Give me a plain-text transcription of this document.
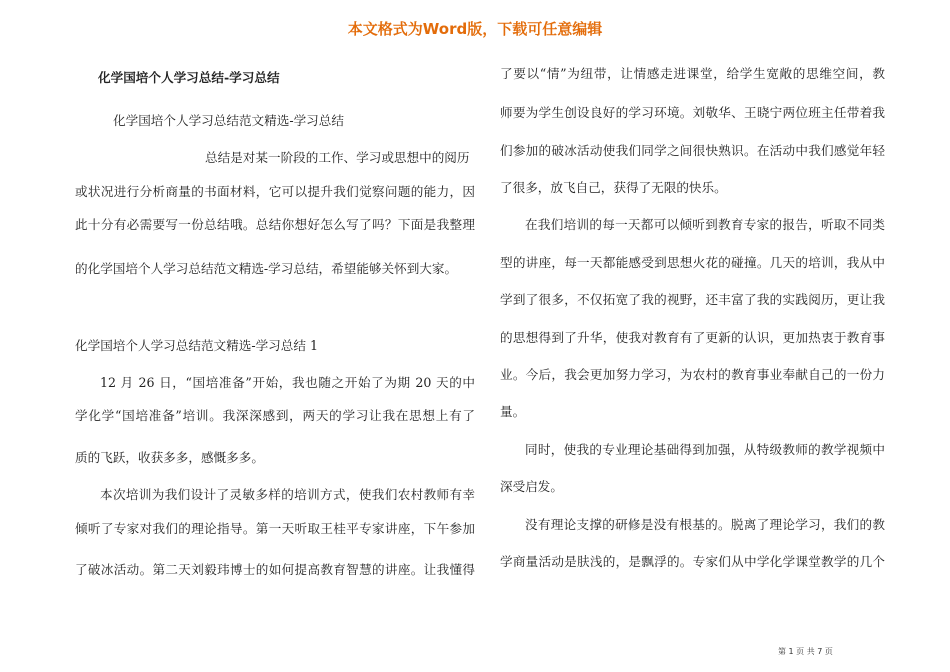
本文格式为Word版，下载可任意编辑
化学国培个人学习总结-学习总结
化学国培个人学习总结范文精选-学习总结
总结是对某一阶段的工作、学习或思想中的阅历
或状况进行分析商量的书面材料，它可以提升我们觉察问题的能力，因
此十分有必需要写一份总结哦。总结你想好怎么写了吗？下面是我整理
的化学国培个人学习总结范文精选-学习总结，希望能够关怀到大家。
化学国培个人学习总结范文精选-学习总结 1
12 月 26 日，“国培准备”开始，我也随之开始了为期 20 天的中
学化学“国培准备”培训。我深深感到，两天的学习让我在思想上有了
质的飞跃，收获多多，感慨多多。
本次培训为我们设计了灵敏多样的培训方式，使我们农村教师有幸
倾听了专家对我们的理论指导。第一天听取王桂平专家讲座，下午参加
了破冰活动。第二天刘毅玮博士的如何提高教育智慧的讲座。让我懂得
了要以“情”为纽带，让情感走进课堂，给学生宽敞的思维空间，教
师要为学生创设良好的学习环境。刘敬华、王晓宁两位班主任带着我
们参加的破冰活动使我们同学之间很快熟识。在活动中我们感觉年轻
了很多，放飞自己，获得了无限的快乐。
在我们培训的每一天都可以倾听到教育专家的报告，听取不同类
型的讲座，每一天都能感受到思想火花的碰撞。几天的培训，我从中
学到了很多，不仅拓宽了我的视野，还丰富了我的实践阅历，更让我
的思想得到了升华，使我对教育有了更新的认识，更加热衷于教育事
业。今后，我会更加努力学习，为农村的教育事业奉献自己的一份力
量。
同时，使我的专业理论基础得到加强，从特级教师的教学视频中
深受启发。
没有理论支撑的研修是没有根基的。脱离了理论学习，我们的教
学商量活动是肤浅的，是飘浮的。专家们从中学化学课堂教学的几个
第 1 页 共 7 页
